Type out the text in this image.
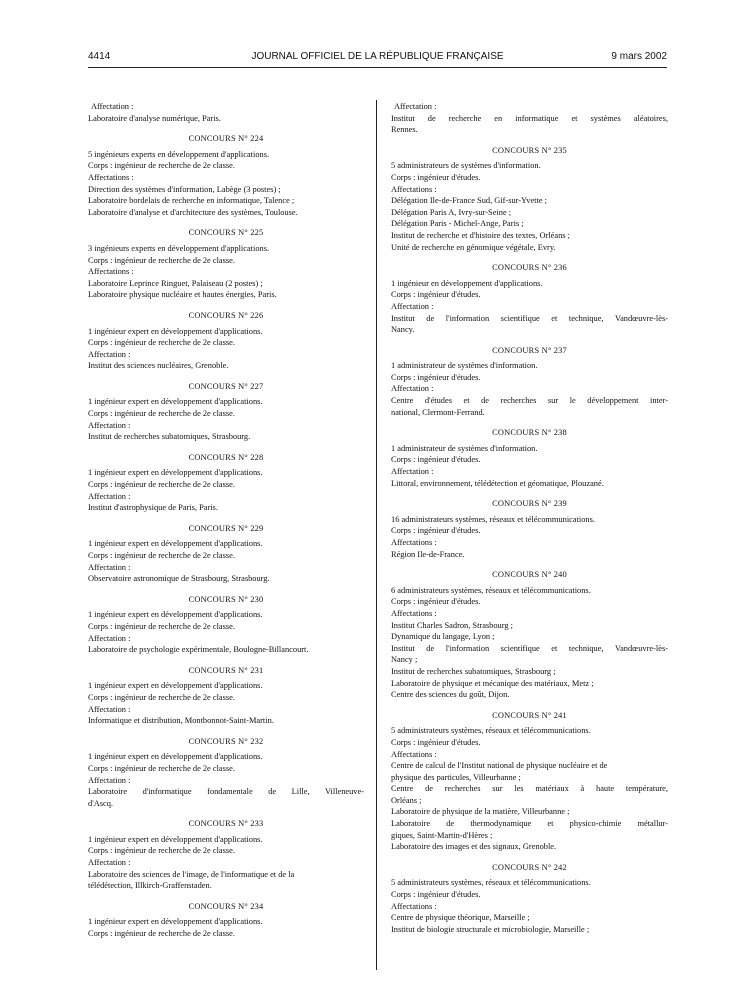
4414	JOURNAL OFFICIEL DE LA RÉPUBLIQUE FRANÇAISE	9 mars 2002
Affectation :
Laboratoire d'analyse numérique, Paris.
CONCOURS N° 224
5 ingénieurs experts en développement d'applications.
Corps : ingénieur de recherche de 2e classe.
Affectations :
Direction des systèmes d'information, Labège (3 postes) ;
Laboratoire bordelais de recherche en informatique, Talence ;
Laboratoire d'analyse et d'architecture des systèmes, Toulouse.
CONCOURS N° 225
3 ingénieurs experts en développement d'applications.
Corps : ingénieur de recherche de 2e classe.
Affectations :
Laboratoire Leprince Ringuet, Palaiseau (2 postes) ;
Laboratoire physique nucléaire et hautes énergies, Paris.
CONCOURS N° 226
1 ingénieur expert en développement d'applications.
Corps : ingénieur de recherche de 2e classe.
Affectation :
Institut des sciences nucléaires, Grenoble.
CONCOURS N° 227
1 ingénieur expert en développement d'applications.
Corps : ingénieur de recherche de 2e classe.
Affectation :
Institut de recherches subatomiques, Strasbourg.
CONCOURS N° 228
1 ingénieur expert en développement d'applications.
Corps : ingénieur de recherche de 2e classe.
Affectation :
Institut d'astrophysique de Paris, Paris.
CONCOURS N° 229
1 ingénieur expert en développement d'applications.
Corps : ingénieur de recherche de 2e classe.
Affectation :
Observatoire astronomique de Strasbourg, Strasbourg.
CONCOURS N° 230
1 ingénieur expert en développement d'applications.
Corps : ingénieur de recherche de 2e classe.
Affectation :
Laboratoire de psychologie expérimentale, Boulogne-Billancourt.
CONCOURS N° 231
1 ingénieur expert en développement d'applications.
Corps : ingénieur de recherche de 2e classe.
Affectation :
Informatique et distribution, Montbonnot-Saint-Martin.
CONCOURS N° 232
1 ingénieur expert en développement d'applications.
Corps : ingénieur de recherche de 2e classe.
Affectation :
Laboratoire d'informatique fondamentale de Lille, Villeneuve-
d'Ascq.
CONCOURS N° 233
1 ingénieur expert en développement d'applications.
Corps : ingénieur de recherche de 2e classe.
Affectation :
Laboratoire des sciences de l'image, de l'informatique et de la
télédétection, Illkirch-Graffenstaden.
CONCOURS N° 234
1 ingénieur expert en développement d'applications.
Corps : ingénieur de recherche de 2e classe.
Affectation :
Institut de recherche en informatique et systèmes aléatoires,
Rennes.
CONCOURS N° 235
5 administrateurs de systèmes d'information.
Corps : ingénieur d'études.
Affectations :
Délégation Ile-de-France Sud, Gif-sur-Yvette ;
Délégation Paris A, Ivry-sur-Seine ;
Délégation Paris - Michel-Ange, Paris ;
Institut de recherche et d'histoire des textes, Orléans ;
Unité de recherche en génomique végétale, Evry.
CONCOURS N° 236
1 ingénieur en développement d'applications.
Corps : ingénieur d'études.
Affectation :
Institut de l'information scientifique et technique, Vandœuvre-lès-
Nancy.
CONCOURS N° 237
1 administrateur de systèmes d'information.
Corps : ingénieur d'études.
Affectation :
Centre d'études et de recherches sur le développement inter-
national, Clermont-Ferrand.
CONCOURS N° 238
1 administrateur de systèmes d'information.
Corps : ingénieur d'études.
Affectation :
Littoral, environnement, télédétection et géomatique, Plouzané.
CONCOURS N° 239
16 administrateurs systèmes, réseaux et télécommunications.
Corps : ingénieur d'études.
Affectations :
Région Ile-de-France.
CONCOURS N° 240
6 administrateurs systèmes, réseaux et télécommunications.
Corps : ingénieur d'études.
Affectations :
Institut Charles Sadron, Strasbourg ;
Dynamique du langage, Lyon ;
Institut de l'information scientifique et technique, Vandœuvre-lès-
Nancy ;
Institut de recherches subatomiques, Strasbourg ;
Laboratoire de physique et mécanique des matériaux, Metz ;
Centre des sciences du goût, Dijon.
CONCOURS N° 241
5 administrateurs systèmes, réseaux et télécommunications.
Corps : ingénieur d'études.
Affectations :
Centre de calcul de l'Institut national de physique nucléaire et de
physique des particules, Villeurbanne ;
Centre de recherches sur les matériaux à haute température,
Orléans ;
Laboratoire de physique de la matière, Villeurbanne ;
Laboratoire de thermodynamique et physico-chimie métallur-
giques, Saint-Martin-d'Hères ;
Laboratoire des images et des signaux, Grenoble.
CONCOURS N° 242
5 administrateurs systèmes, réseaux et télécommunications.
Corps : ingénieur d'études.
Affectations :
Centre de physique théorique, Marseille ;
Institut de biologie structurale et microbiologie, Marseille ;
